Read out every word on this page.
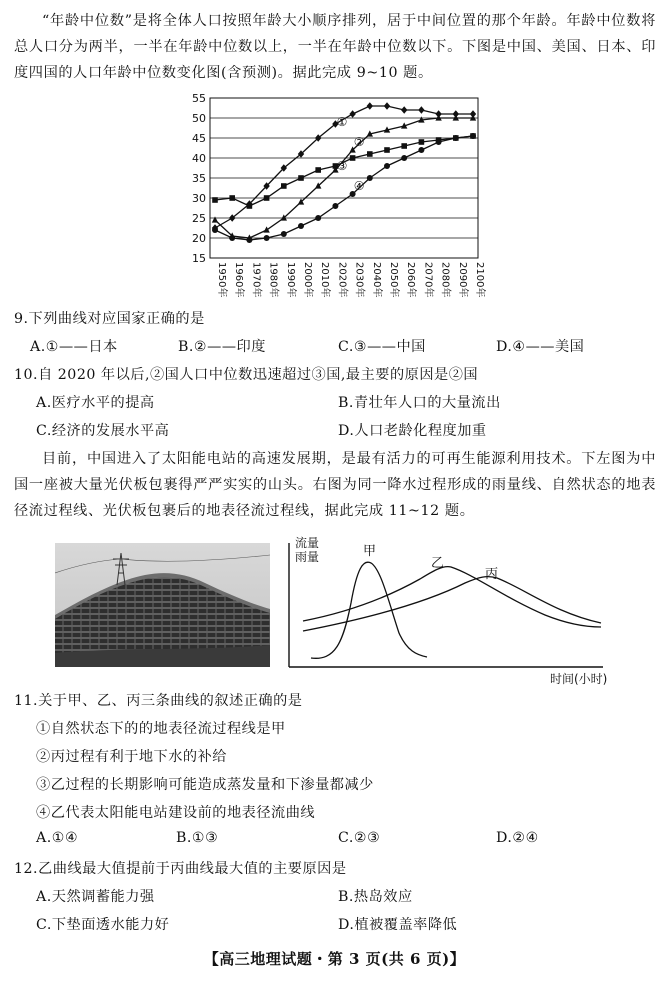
“年龄中位数”是将全体人口按照年龄大小顺序排列，居于中间位置的那个年龄。年龄中位数将总人口分为两半，一半在年龄中位数以上，一半在年龄中位数以下。下图是中国、美国、日本、印度四国的人口年龄中位数变化图(含预测)。据此完成 9~10 题。
①
②
③
④
1950年 1960年 1970年 1980年 1990年 2000年 2010年 2020年 2030年 2040年 2050年 2060年 2070年 2080年 2090年 2100年
15
20
25
30
35
40
45
50
55
9.下列曲线对应国家正确的是
A.①——日本	B.②——印度	C.③——中国	D.④——美国
10.自 2020 年以后,②国人口中位数迅速超过③国,最主要的原因是②国
A.医疗水平的提高	B.青壮年人口的大量流出
C.经济的发展水平高	D.人口老龄化程度加重
目前，中国进入了太阳能电站的高速发展期，是最有活力的可再生能源利用技术。下左图为中国一座被大量光伏板包裹得严严实实的山头。右图为同一降水过程形成的雨量线、自然状态的地表径流过程线、光伏板包裹后的地表径流过程线，据此完成 11~12 题。
流量
雨量
时间(小时)
甲
乙
丙
11.关于甲、乙、丙三条曲线的叙述正确的是
①自然状态下的的地表径流过程线是甲
②丙过程有利于地下水的补给
③乙过程的长期影响可能造成蒸发量和下渗量都减少
④乙代表太阳能电站建设前的地表径流曲线
A.①④	B.①③	C.②③	D.②④
12.乙曲线最大值提前于丙曲线最大值的主要原因是
A.天然调蓄能力强	B.热岛效应
C.下垫面透水能力好	D.植被覆盖率降低
【高三地理试题・第 3 页(共 6 页)】
